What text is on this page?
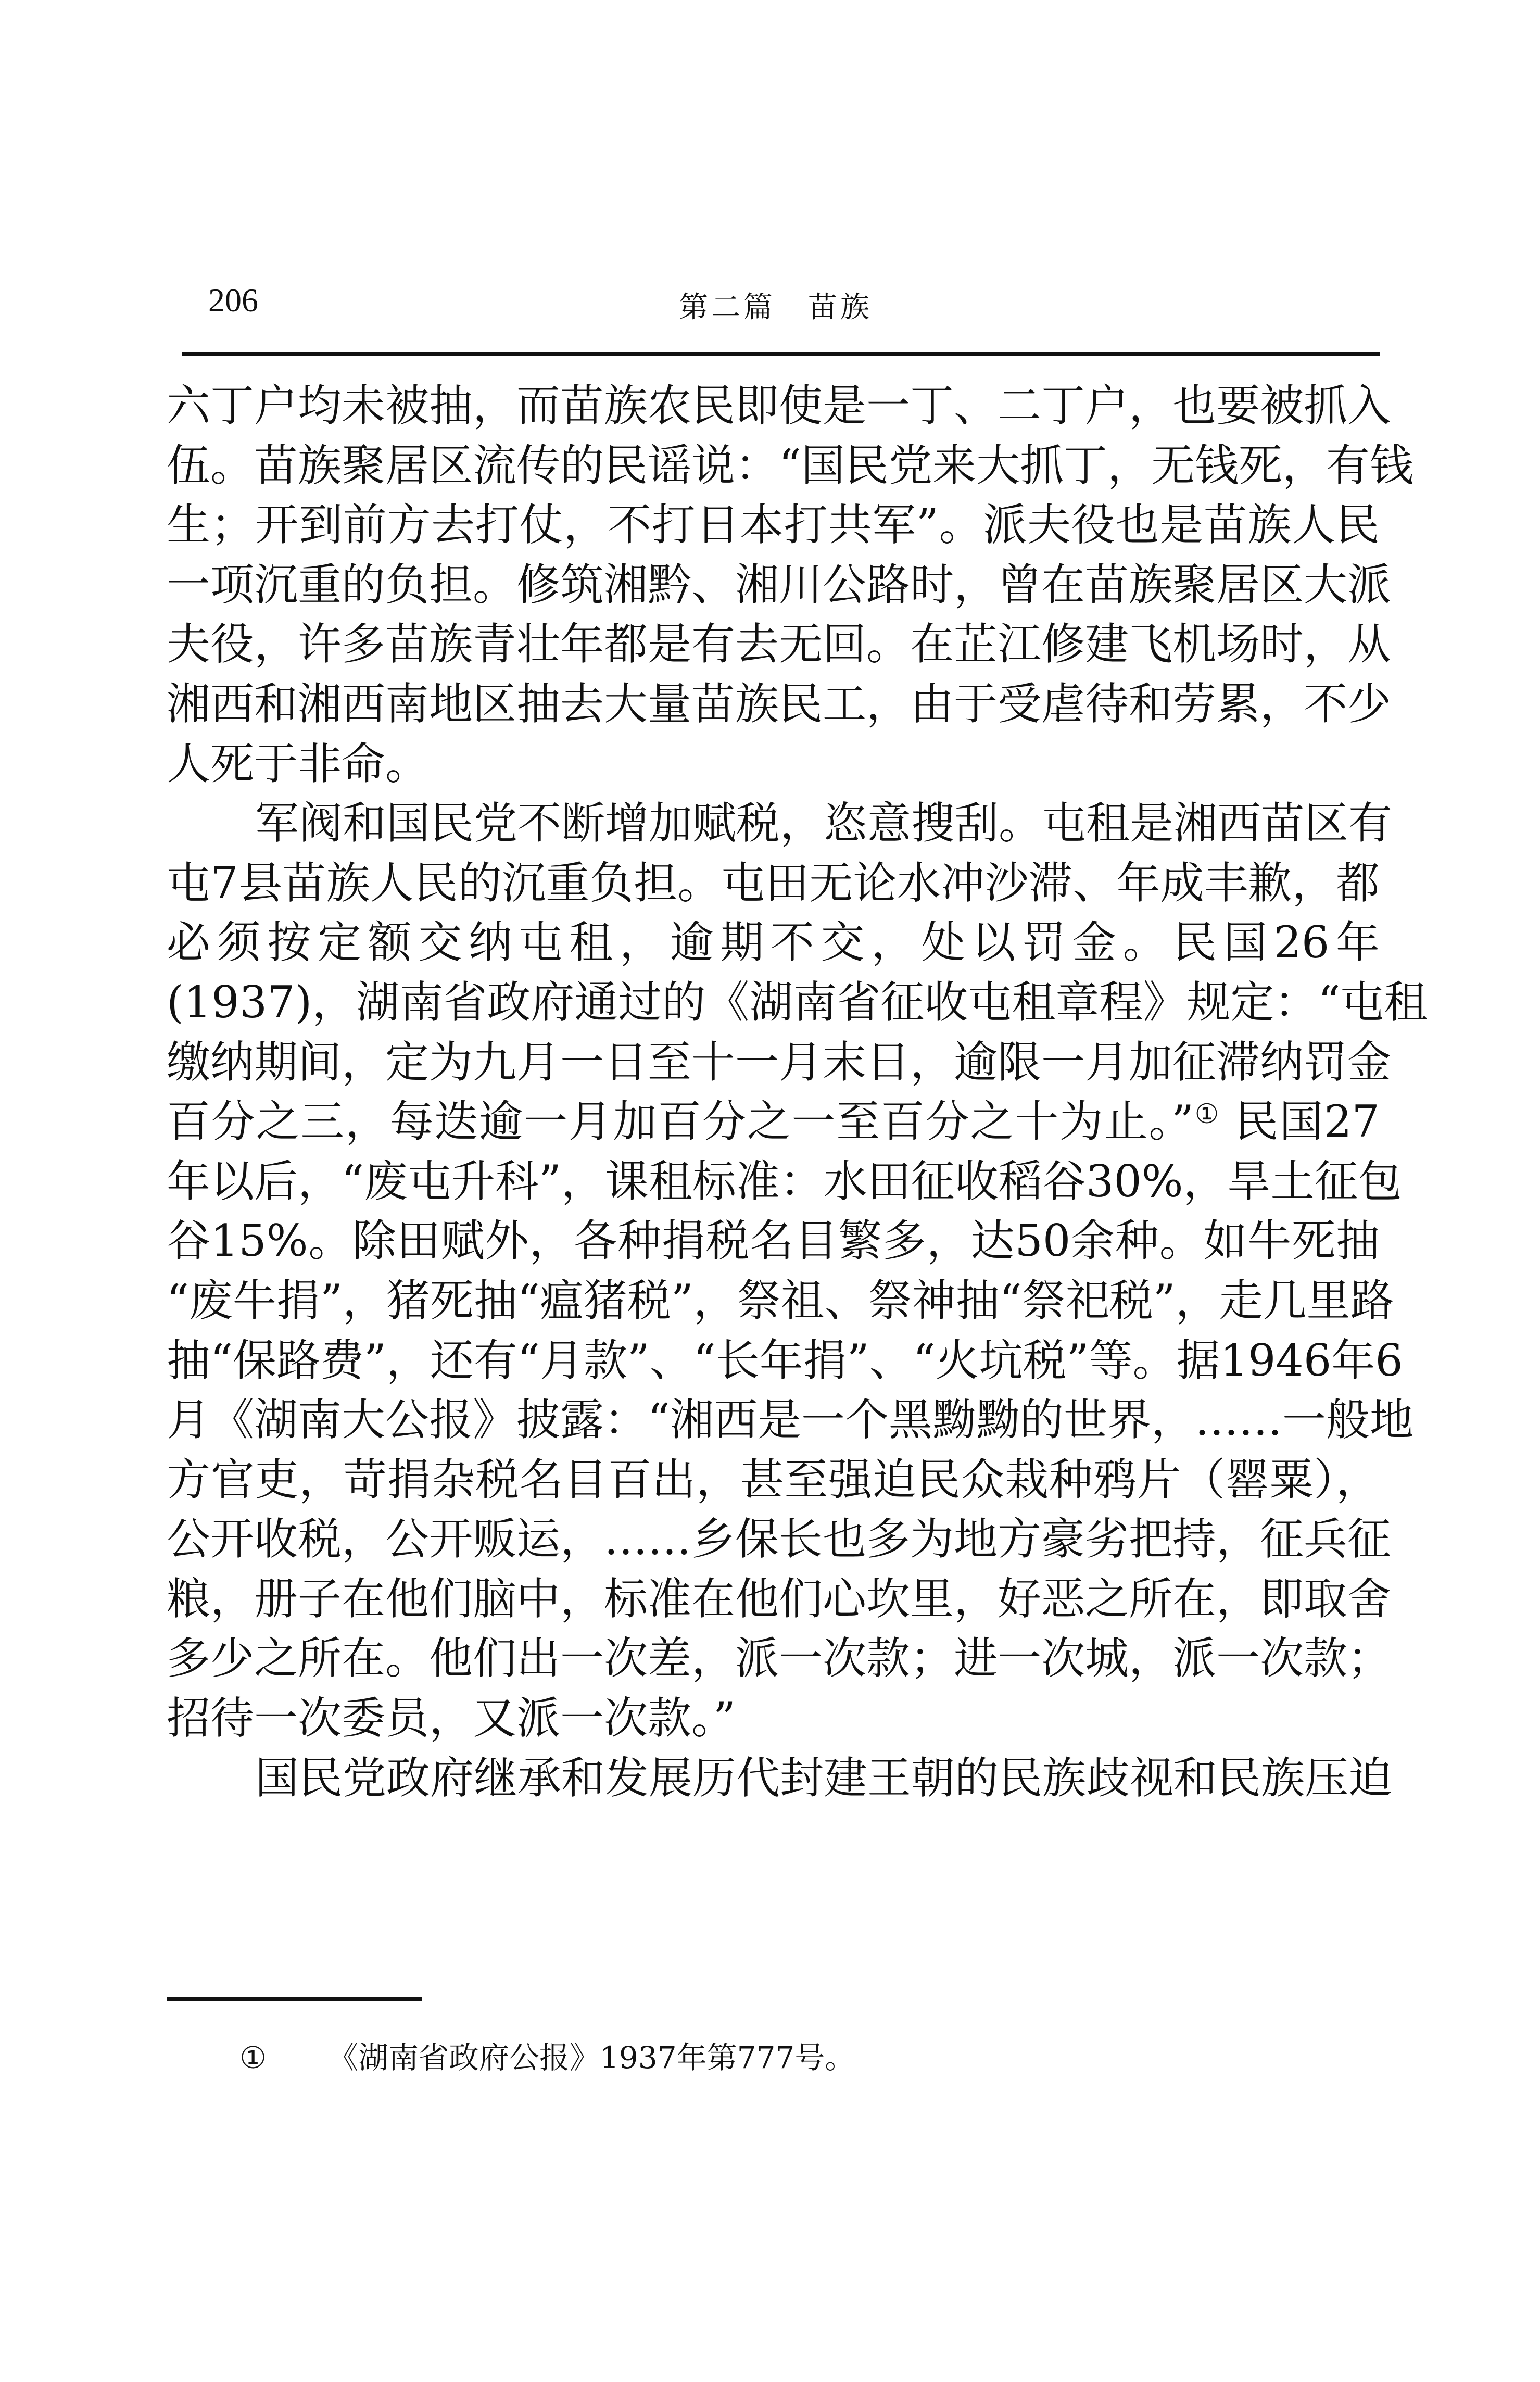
206	第二篇　苗族
六丁户均未被抽，而苗族农民即使是一丁、二丁户，也要被抓入
伍。苗族聚居区流传的民谣说：“国民党来大抓丁，无钱死，有钱
生；开到前方去打仗，不打日本打共军”。派夫役也是苗族人民
一项沉重的负担。修筑湘黔、湘川公路时，曾在苗族聚居区大派
夫役，许多苗族青壮年都是有去无回。在芷江修建飞机场时，从
湘西和湘西南地区抽去大量苗族民工，由于受虐待和劳累，不少
人死于非命。
军阀和国民党不断增加赋税，恣意搜刮。屯租是湘西苗区有
屯7县苗族人民的沉重负担。屯田无论水冲沙滞、年成丰歉，都
必须按定额交纳屯租，逾期不交，处以罚金。民国26年
(1937)，湖南省政府通过的《湖南省征收屯租章程》规定：“屯租
缴纳期间，定为九月一日至十一月末日，逾限一月加征滞纳罚金
百分之三，每迭逾一月加百分之一至百分之十为止。”① 民国27
年以后，“废屯升科”，课租标准：水田征收稻谷30%，旱土征包
谷15%。除田赋外，各种捐税名目繁多，达50余种。如牛死抽
“废牛捐”，猪死抽“瘟猪税”，祭祖、祭神抽“祭祀税”，走几里路
抽“保路费”，还有“月款”、“长年捐”、“火坑税”等。据1946年6
月《湖南大公报》披露：“湘西是一个黑黝黝的世界，……一般地
方官吏，苛捐杂税名目百出，甚至强迫民众栽种鸦片（罂粟），
公开收税，公开贩运，……乡保长也多为地方豪劣把持，征兵征
粮，册子在他们脑中，标准在他们心坎里，好恶之所在，即取舍
多少之所在。他们出一次差，派一次款；进一次城，派一次款；
招待一次委员，又派一次款。”
国民党政府继承和发展历代封建王朝的民族歧视和民族压迫
① 《湖南省政府公报》1937年第777号。
